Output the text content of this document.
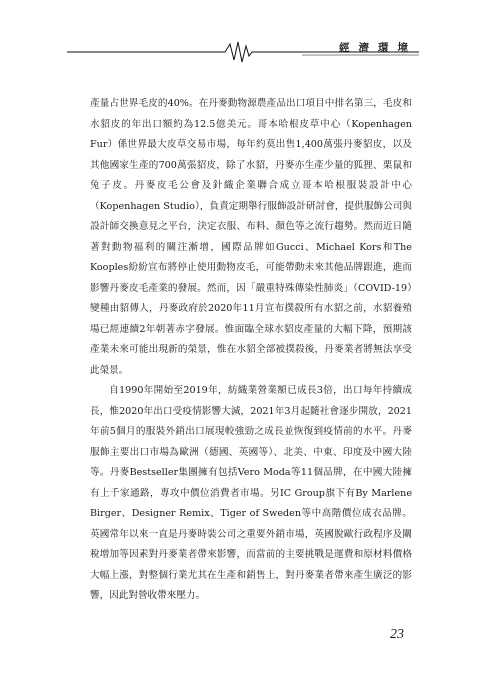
經濟環境

產量占世界毛皮的40%。在丹麥動物源農產品出口項目中排名第三，毛皮和水貂皮的年出口額約為12.5億美元。哥本哈根皮草中心（Kopenhagen Fur）係世界最大皮草交易市場，每年約莫出售1,400萬張丹麥貂皮，以及其他國家生產的700萬張貂皮，除了水貂，丹麥亦生產少量的狐狸、栗鼠和兔子皮。丹麥皮毛公會及針織企業聯合成立哥本哈根服裝設計中心（Kopenhagen Studio），負責定期舉行服飾設計研討會，提供服飾公司與設計師交換意見之平台，決定衣服、布料、顏色等之流行趨勢。然而近日隨著對動物福利的關注漸增，國際品牌如Gucci、Michael Kors和The Kooples紛紛宣布將停止使用動物皮毛，可能帶動未來其他品牌跟進，進而影響丹麥皮毛產業的發展。然而，因「嚴重特殊傳染性肺炎」（COVID-19）變種由貂傳人，丹麥政府於2020年11月宣布撲殺所有水貂之前，水貂養殖場已經連續2年朝著赤字發展。惟面臨全球水貂皮產量的大幅下降，預期該產業未來可能出現新的榮景，惟在水貂全部被撲殺後，丹麥業者將無法享受此榮景。

自1990年開始至2019年，紡織業營業額已成長3倍，出口每年持續成長，惟2020年出口受疫情影響大減，2021年3月起隨社會逐步開放，2021年前5個月的服裝外銷出口展現較強勁之成長並恢復到疫情前的水平。丹麥服飾主要出口市場為歐洲（德國、英國等）、北美、中東、印度及中國大陸等。丹麥Bestseller集團擁有包括Vero Moda等11個品牌，在中國大陸擁有上千家通路，專攻中價位消費者市場。另IC Group旗下有By Marlene Birger、Designer Remix、Tiger of Sweden等中高階價位成衣品牌。英國常年以來一直是丹麥時裝公司之重要外銷市場，英國脫歐行政程序及關稅增加等因素對丹麥業者帶來影響，而當前的主要挑戰是運費和原材料價格大幅上漲，對整個行業尤其在生產和銷售上，對丹麥業者帶來產生廣泛的影響，因此對營收帶來壓力。

23
